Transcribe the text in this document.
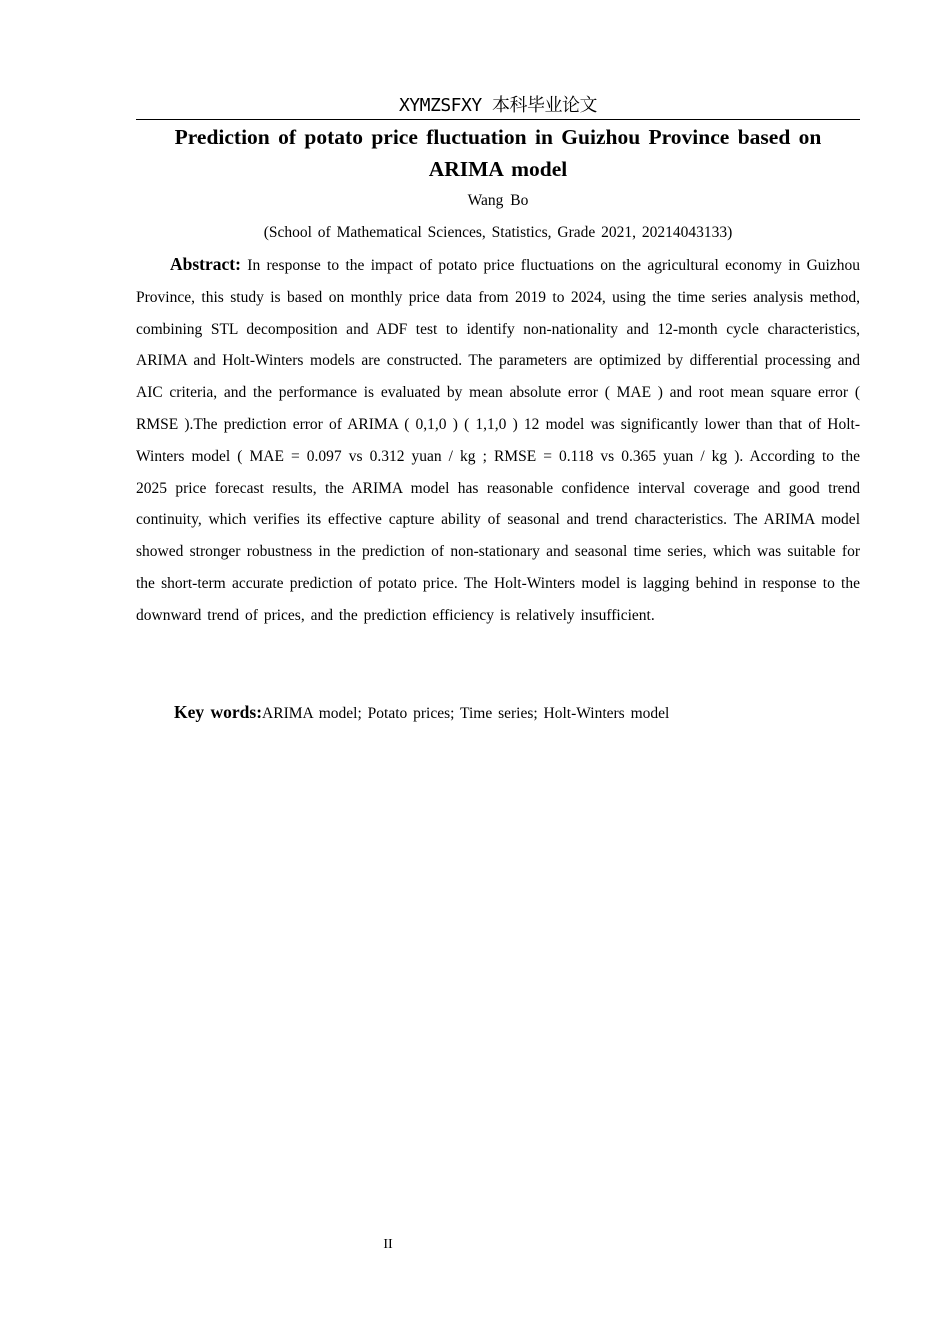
XYMZSFXY 本科毕业论文
Prediction of potato price fluctuation in Guizhou Province based on ARIMA model
Wang Bo
(School of Mathematical Sciences, Statistics, Grade 2021, 20214043133)

Abstract: In response to the impact of potato price fluctuations on the agricultural economy in Guizhou Province, this study is based on monthly price data from 2019 to 2024, using the time series analysis method, combining STL decomposition and ADF test to identify non-nationality and 12-month cycle characteristics, ARIMA and Holt-Winters models are constructed. The parameters are optimized by differential processing and AIC criteria, and the performance is evaluated by mean absolute error ( MAE ) and root mean square error ( RMSE ).The prediction error of ARIMA ( 0,1,0 ) ( 1,1,0 ) 12 model was significantly lower than that of Holt-Winters model ( MAE = 0.097 vs 0.312 yuan / kg ; RMSE = 0.118 vs 0.365 yuan / kg ). According to the 2025 price forecast results, the ARIMA model has reasonable confidence interval coverage and good trend continuity, which verifies its effective capture ability of seasonal and trend characteristics. The ARIMA model showed stronger robustness in the prediction of non-stationary and seasonal time series, which was suitable for the short-term accurate prediction of potato price. The Holt-Winters model is lagging behind in response to the downward trend of prices, and the prediction efficiency is relatively insufficient.

Key words:ARIMA model; Potato prices; Time series; Holt-Winters model

II
